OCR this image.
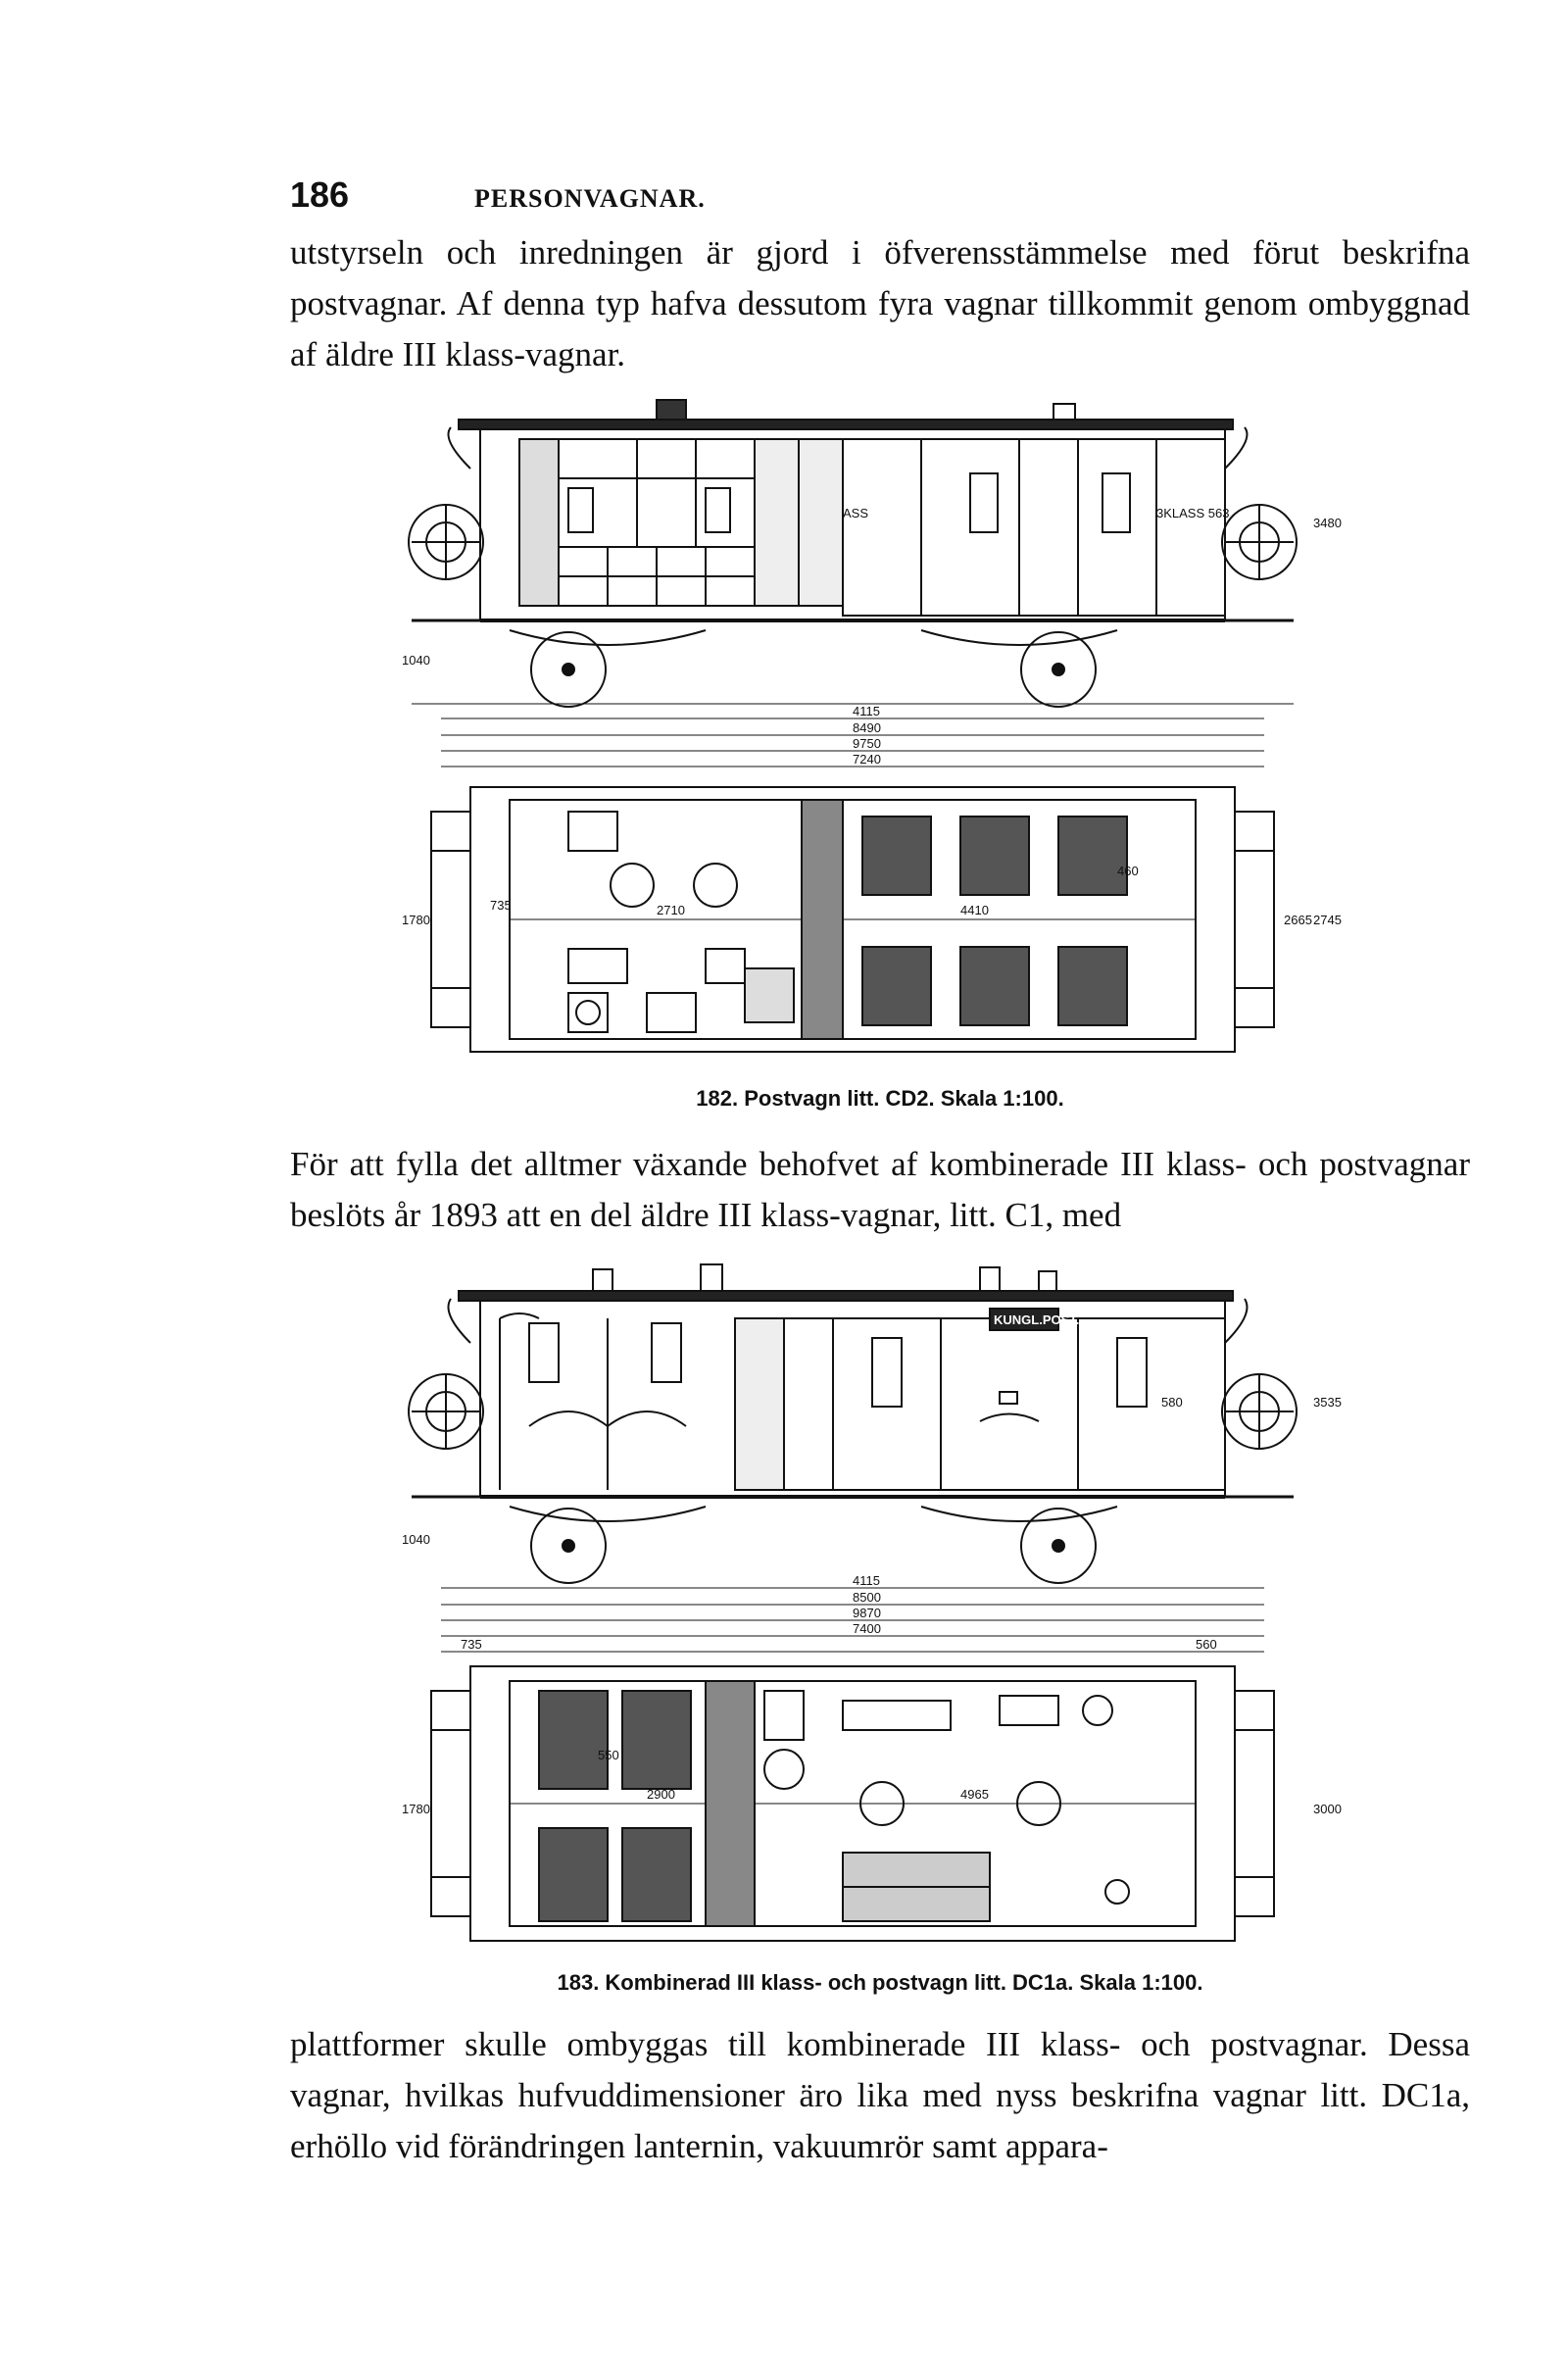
186	PERSONVAGNAR.
utstyrseln och inredningen är gjord i öfverensstämmelse med förut beskrifna postvagnar. Af denna typ hafva dessutom fyra vagnar tillkommit genom ombyggnad af äldre III klass-vagnar.
ASS	3KLASS 563
4115
8490
9750
7240
1040
3480
735	2710	4410
1780	2665 2745
460
182. Postvagn litt. CD2. Skala 1:100.
För att fylla det alltmer växande behofvet af kombinerade III klass- och postvagnar beslöts år 1893 att en del äldre III klass-vagnar, litt. C1, med
KUNGL.POST.
580
4115
8500
9870
7400
1040
3535
735	560
1780
2900	4965
3000
550
183. Kombinerad III klass- och postvagn litt. DC1a. Skala 1:100.
plattformer skulle ombyggas till kombinerade III klass- och postvagnar. Dessa vagnar, hvilkas hufvuddimensioner äro lika med nyss beskrifna vagnar litt. DC1a, erhöllo vid förändringen lanternin, vakuumrör samt appara-
